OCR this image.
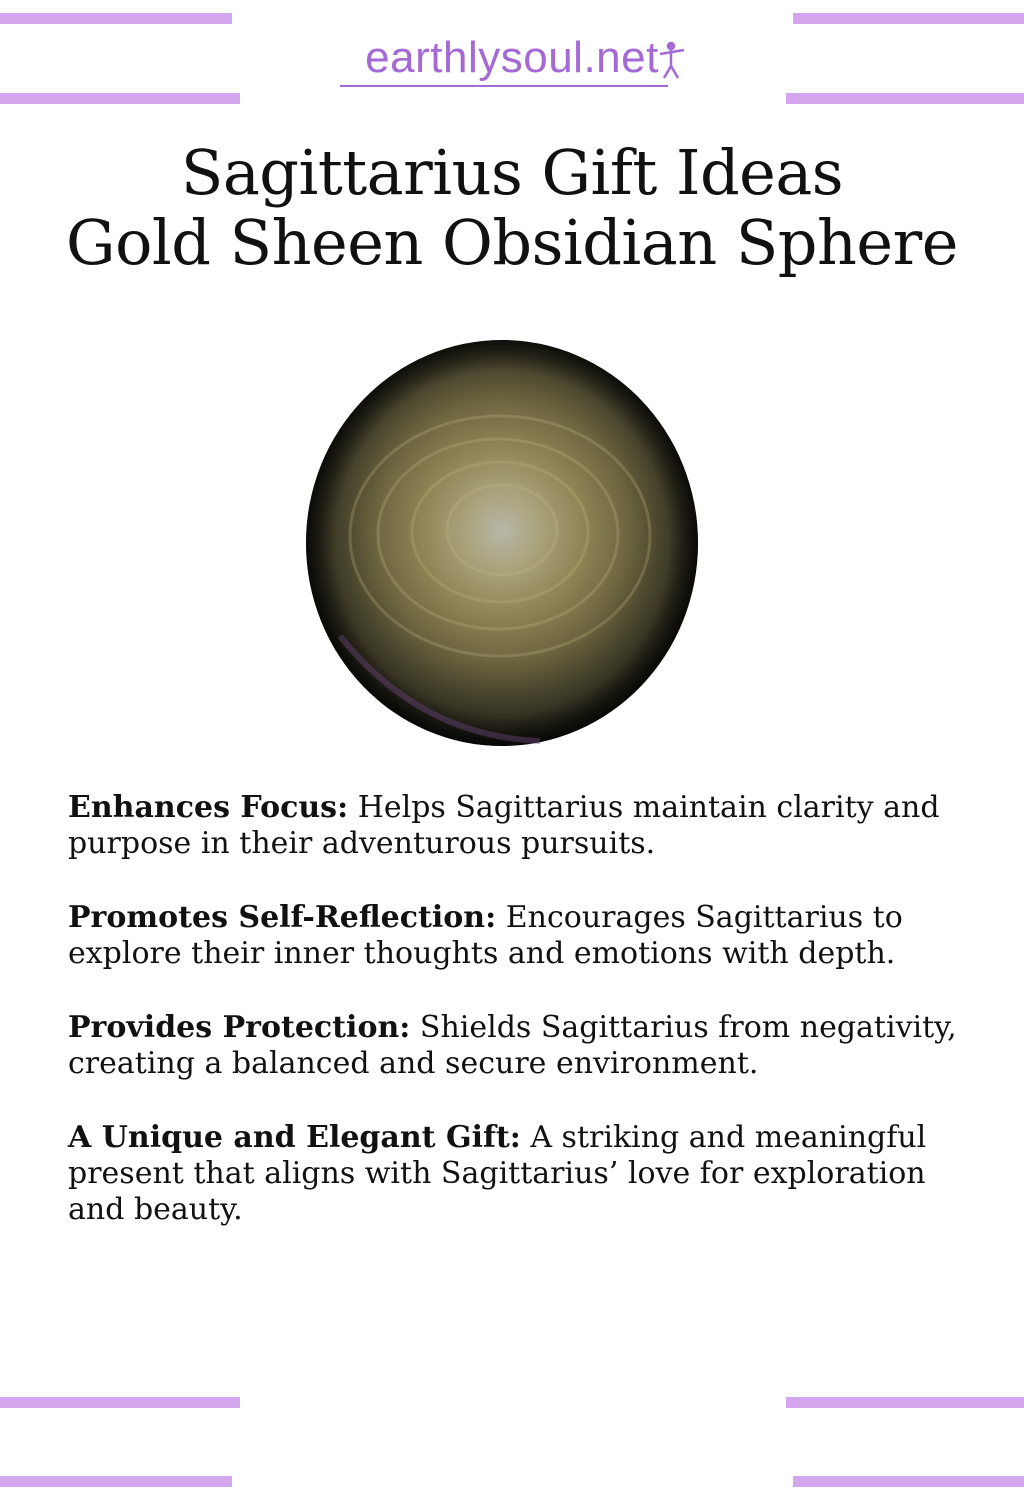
earthlysoul.net
Sagittarius Gift Ideas
Gold Sheen Obsidian Sphere

Enhances Focus: Helps Sagittarius maintain clarity and purpose in their adventurous pursuits.

Promotes Self-Reflection: Encourages Sagittarius to explore their inner thoughts and emotions with depth.

Provides Protection: Shields Sagittarius from negativity, creating a balanced and secure environment.

A Unique and Elegant Gift: A striking and meaningful present that aligns with Sagittarius’ love for exploration and beauty.
